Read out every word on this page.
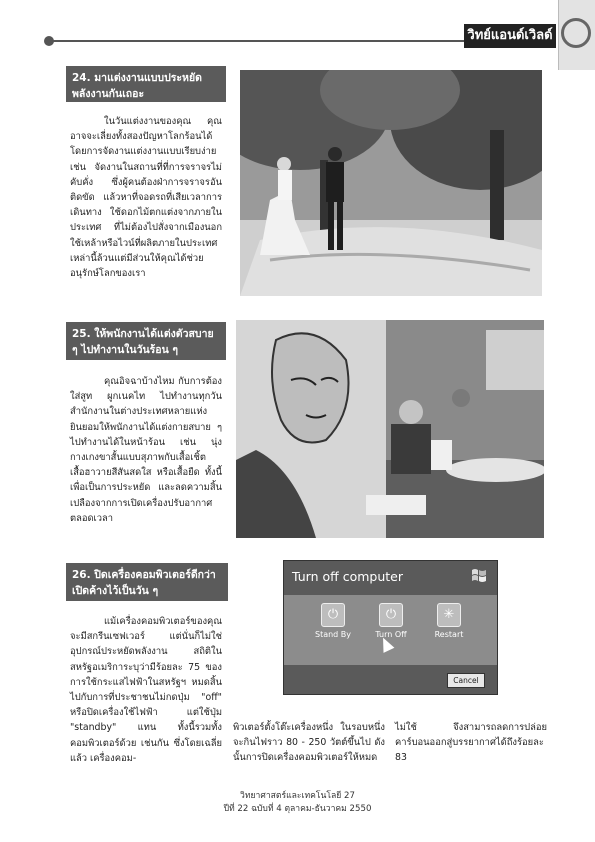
วิทย์แอนด์เวิลด์
24. มาแต่งงานแบบประหยัดพลังงานกันเถอะ
ในวันแต่งงานของคุณ คุณอาจจะเลี่ยงทั้งสองปัญหาโลกร้อนได้โดยการจัดงานแต่งงานแบบเรียบง่าย เช่น จัดงานในสถานที่ที่การจราจรไม่คับคั่ง ซึ่งผู้คนต้องฝ่าการจราจรอันติดขัด แล้วหาที่จอดรถที่เสียเวลาการเดินทาง ใช้ดอกไม้ตกแต่งจากภายในประเทศ ที่ไม่ต้องไปสั่งจากเมืองนอก ใช้เหล้าหรือไวน์ที่ผลิตภายในประเทศ เหล่านี้ล้วนแต่มีส่วนให้คุณได้ช่วยอนุรักษ์โลกของเรา
25. ให้พนักงานได้แต่งตัวสบาย ๆ ไปทำงานในวันร้อน ๆ
คุณอิจฉาบ้างไหม กับการต้องใส่สูท ผูกเนคไท ไปทำงานทุกวัน สำนักงานในต่างประเทศหลายแห่ง ยินยอมให้พนักงานได้แต่งกายสบาย ๆ ไปทำงานได้ในหน้าร้อน เช่น นุ่งกางเกงขาสั้นแบบสุภาพกับเสื้อเชิ้ต เสื้อฮาวายสีสันสดใส หรือเสื้อยืด ทั้งนี้เพื่อเป็นการประหยัด และลดความสิ้นเปลืองจากการเปิดเครื่องปรับอากาศตลอดเวลา
26. ปิดเครื่องคอมพิวเตอร์ดีกว่าเปิดค้างไว้เป็นวัน ๆ
แม้เครื่องคอมพิวเตอร์ของคุณจะมีสกรีนเซฟเวอร์ แต่นั่นก็ไม่ใช่อุปกรณ์ประหยัดพลังงาน สถิติในสหรัฐอเมริการะบุว่ามีร้อยละ 75 ของการใช้กระแสไฟฟ้าในสหรัฐฯ หมดสิ้นไปกับการที่ประชาชนไม่กดปุ่ม "off" หรือปิดเครื่องใช้ไฟฟ้า แต่ใช้ปุ่ม "standby" แทน ทั้งนี้รวมทั้งคอมพิวเตอร์ด้วย เช่นกัน ซึ่งโดยเฉลี่ยแล้ว เครื่องคอม-
พิวเตอร์ตั้งโต๊ะเครื่องหนึ่ง ในรอบหนึ่งจะกินไฟราว 80 - 250 วัตต์ขึ้นไป ดังนั้นการปิดเครื่องคอมพิวเตอร์ให้หมด
ไม่ใช้ จึงสามารถลดการปล่อยคาร์บอนออกสู่บรรยากาศได้ถึงร้อยละ 83
Turn off computer
⏻
Stand By
⏻
Turn Off
✳
Restart
Cancel
วิทยาศาสตร์และเทคโนโลยี 27
ปีที่ 22 ฉบับที่ 4 ตุลาคม-ธันวาคม 2550
